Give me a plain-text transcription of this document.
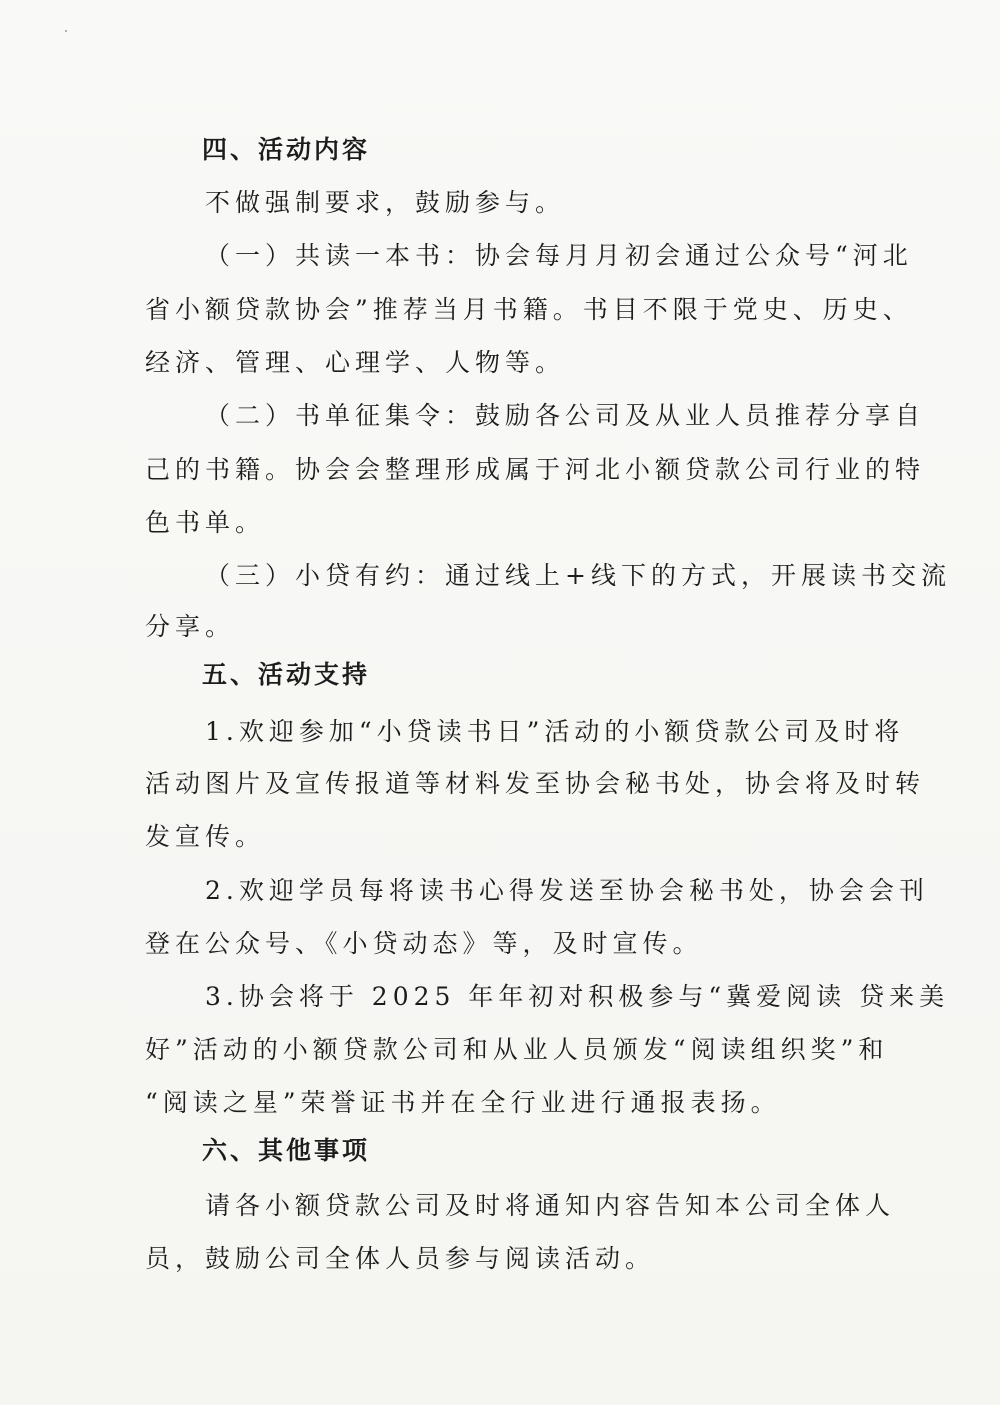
四、活动内容
不做强制要求，鼓励参与。
（一）共读一本书：协会每月月初会通过公众号“河北
省小额贷款协会”推荐当月书籍。书目不限于党史、历史、
经济、管理、心理学、人物等。
（二）书单征集令：鼓励各公司及从业人员推荐分享自
己的书籍。协会会整理形成属于河北小额贷款公司行业的特
色书单。
（三）小贷有约：通过线上+线下的方式，开展读书交流
分享。
五、活动支持
1.欢迎参加“小贷读书日”活动的小额贷款公司及时将
活动图片及宣传报道等材料发至协会秘书处，协会将及时转
发宣传。
2.欢迎学员每将读书心得发送至协会秘书处，协会会刊
登在公众号、《小贷动态》等，及时宣传。
3.协会将于 2025 年年初对积极参与“冀爱阅读 贷来美
好”活动的小额贷款公司和从业人员颁发“阅读组织奖”和
“阅读之星”荣誉证书并在全行业进行通报表扬。
六、其他事项
请各小额贷款公司及时将通知内容告知本公司全体人
员，鼓励公司全体人员参与阅读活动。
